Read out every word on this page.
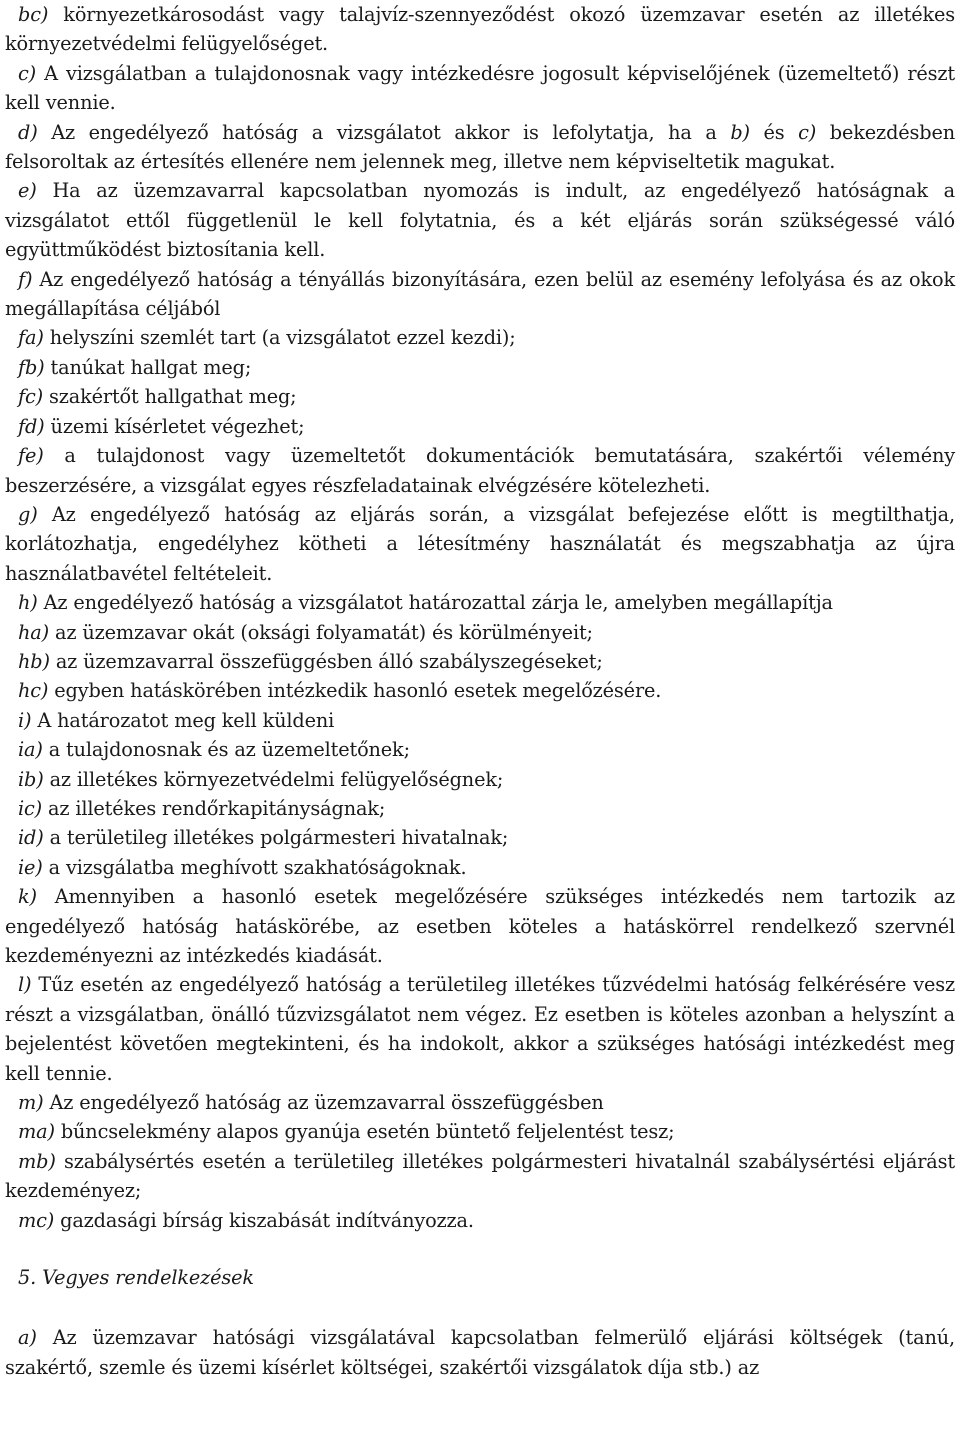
bc) környezetkárosodást vagy talajvíz-szennyeződést okozó üzemzavar esetén az illetékes környezetvédelmi felügyelőséget.

c) A vizsgálatban a tulajdonosnak vagy intézkedésre jogosult képviselőjének (üzemeltető) részt kell vennie.

d) Az engedélyező hatóság a vizsgálatot akkor is lefolytatja, ha a b) és c) bekezdésben felsoroltak az értesítés ellenére nem jelennek meg, illetve nem képviseltetik magukat.

e) Ha az üzemzavarral kapcsolatban nyomozás is indult, az engedélyező hatóságnak a vizsgálatot ettől függetlenül le kell folytatnia, és a két eljárás során szükségessé váló együttműködést biztosítania kell.

f) Az engedélyező hatóság a tényállás bizonyítására, ezen belül az esemény lefolyása és az okok megállapítása céljából

fa) helyszíni szemlét tart (a vizsgálatot ezzel kezdi);

fb) tanúkat hallgat meg;

fc) szakértőt hallgathat meg;

fd) üzemi kísérletet végezhet;

fe) a tulajdonost vagy üzemeltetőt dokumentációk bemutatására, szakértői vélemény beszerzésére, a vizsgálat egyes részfeladatainak elvégzésére kötelezheti.

g) Az engedélyező hatóság az eljárás során, a vizsgálat befejezése előtt is megtilthatja, korlátozhatja, engedélyhez kötheti a létesítmény használatát és megszabhatja az újra használatbavétel feltételeit.

h) Az engedélyező hatóság a vizsgálatot határozattal zárja le, amelyben megállapítja

ha) az üzemzavar okát (oksági folyamatát) és körülményeit;

hb) az üzemzavarral összefüggésben álló szabályszegéseket;

hc) egyben hatáskörében intézkedik hasonló esetek megelőzésére.

i) A határozatot meg kell küldeni

ia) a tulajdonosnak és az üzemeltetőnek;

ib) az illetékes környezetvédelmi felügyelőségnek;

ic) az illetékes rendőrkapitányságnak;

id) a területileg illetékes polgármesteri hivatalnak;

ie) a vizsgálatba meghívott szakhatóságoknak.

k) Amennyiben a hasonló esetek megelőzésére szükséges intézkedés nem tartozik az engedélyező hatóság hatáskörébe, az esetben köteles a hatáskörrel rendelkező szervnél kezdeményezni az intézkedés kiadását.

l) Tűz esetén az engedélyező hatóság a területileg illetékes tűzvédelmi hatóság felkérésére vesz részt a vizsgálatban, önálló tűzvizsgálatot nem végez. Ez esetben is köteles azonban a helyszínt a bejelentést követően megtekinteni, és ha indokolt, akkor a szükséges hatósági intézkedést meg kell tennie.

m) Az engedélyező hatóság az üzemzavarral összefüggésben

ma) bűncselekmény alapos gyanúja esetén büntető feljelentést tesz;

mb) szabálysértés esetén a területileg illetékes polgármesteri hivatalnál szabálysértési eljárást kezdeményez;

mc) gazdasági bírság kiszabását indítványozza.

5. Vegyes rendelkezések

a) Az üzemzavar hatósági vizsgálatával kapcsolatban felmerülő eljárási költségek (tanú, szakértő, szemle és üzemi kísérlet költségei, szakértői vizsgálatok díja stb.) az
